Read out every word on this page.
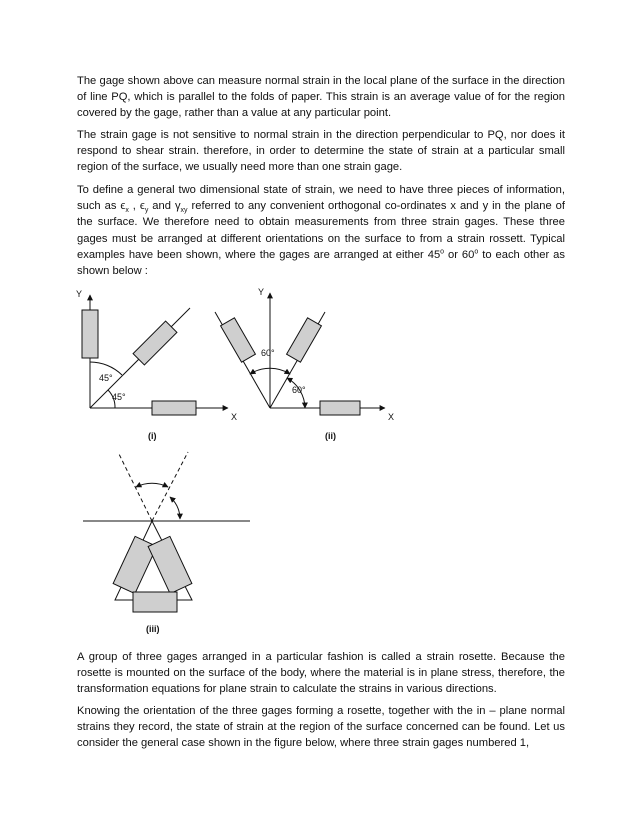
The gage shown above can measure normal strain in the local plane of the surface in the direction of line PQ, which is parallel to the folds of paper. This strain is an average value of for the region covered by the gage, rather than a value at any particular point.

The strain gage is not sensitive to normal strain in the direction perpendicular to PQ, nor does it respond to shear strain. therefore, in order to determine the state of strain at a particular small region of the surface, we usually need more than one strain gage.

To define a general two dimensional state of strain, we need to have three pieces of information, such as $\epsilon_x$ , $\epsilon_y$ and $\gamma_{xy}$ referred to any convenient orthogonal co-ordinates x and y in the plane of the surface. We therefore need to obtain measurements from three strain gages. These three gages must be arranged at different orientations on the surface to from a strain rossett. Typical examples have been shown, where the gages are arranged at either 45$^o$ or 60$^o$ to each other as shown below :

Y
X
45°
45°
(i)
Y
X
60°
60°
(ii)
(iii)

A group of three gages arranged in a particular fashion is called a strain rosette. Because the rosette is mounted on the surface of the body, where the material is in plane stress, therefore, the transformation equations for plane strain to calculate the strains in various directions.

Knowing the orientation of the three gages forming a rosette, together with the in – plane normal strains they record, the state of strain at the region of the surface concerned can be found. Let us consider the general case shown in the figure below, where three strain gages numbered 1,
